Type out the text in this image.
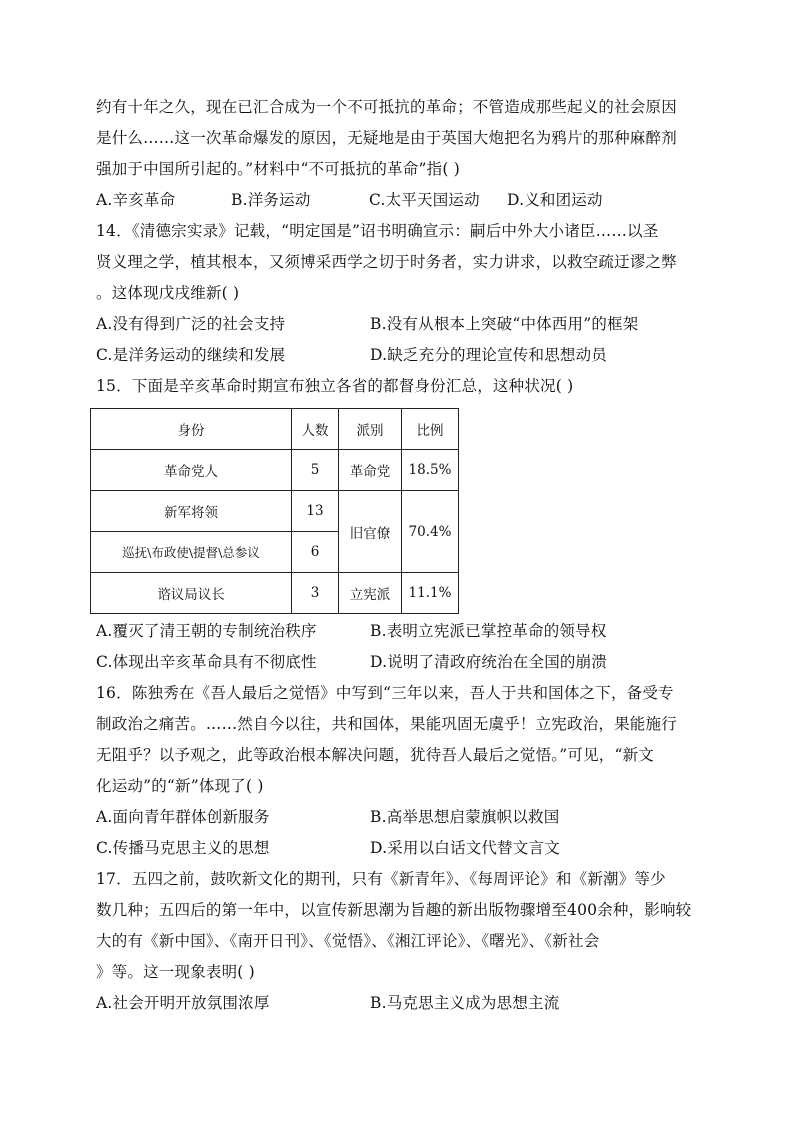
约有十年之久，现在已汇合成为一个不可抵抗的革命；不管造成那些起义的社会原因
是什么……这一次革命爆发的原因，无疑地是由于英国大炮把名为鸦片的那种麻醉剂
强加于中国所引起的。”材料中“不可抵抗的革命”指( )
A.辛亥革命	B.洋务运动	C.太平天国运动	D.义和团运动
14．《清德宗实录》记载，“明定国是”诏书明确宣示：嗣后中外大小诸臣……以圣
贤义理之学，植其根本，又须博采西学之切于时务者，实力讲求，以救空疏迂谬之弊
。这体现戊戌维新( )
A.没有得到广泛的社会支持	B.没有从根本上突破“中体西用”的框架
C.是洋务运动的继续和发展	D.缺乏充分的理论宣传和思想动员
15．下面是辛亥革命时期宣布独立各省的都督身份汇总，这种状况( )
身份	人数	派别	比例
革命党人	5	革命党	18.5%
新军将领	13	旧官僚	70.4%
巡抚\布政使\提督\总参议	6		
谘议局议长	3	立宪派	11.1%
A.覆灭了清王朝的专制统治秩序	B.表明立宪派已掌控革命的领导权
C.体现出辛亥革命具有不彻底性	D.说明了清政府统治在全国的崩溃
16．陈独秀在《吾人最后之觉悟》中写到“三年以来，吾人于共和国体之下，备受专
制政治之痛苦。……然自今以往，共和国体，果能巩固无虞乎！立宪政治，果能施行
无阻乎？以予观之，此等政治根本解决问题，犹待吾人最后之觉悟。”可见，“新文
化运动”的“新”体现了( )
A.面向青年群体创新服务	B.高举思想启蒙旗帜以救国
C.传播马克思主义的思想	D.采用以白话文代替文言文
17．五四之前，鼓吹新文化的期刊，只有《新青年》、《每周评论》和《新潮》等少
数几种；五四后的第一年中，以宣传新思潮为旨趣的新出版物骤增至400余种，影响较
大的有《新中国》、《南开日刊》、《觉悟》、《湘江评论》、《曙光》、《新社会
》等。这一现象表明( )
A.社会开明开放氛围浓厚	B.马克思主义成为思想主流
